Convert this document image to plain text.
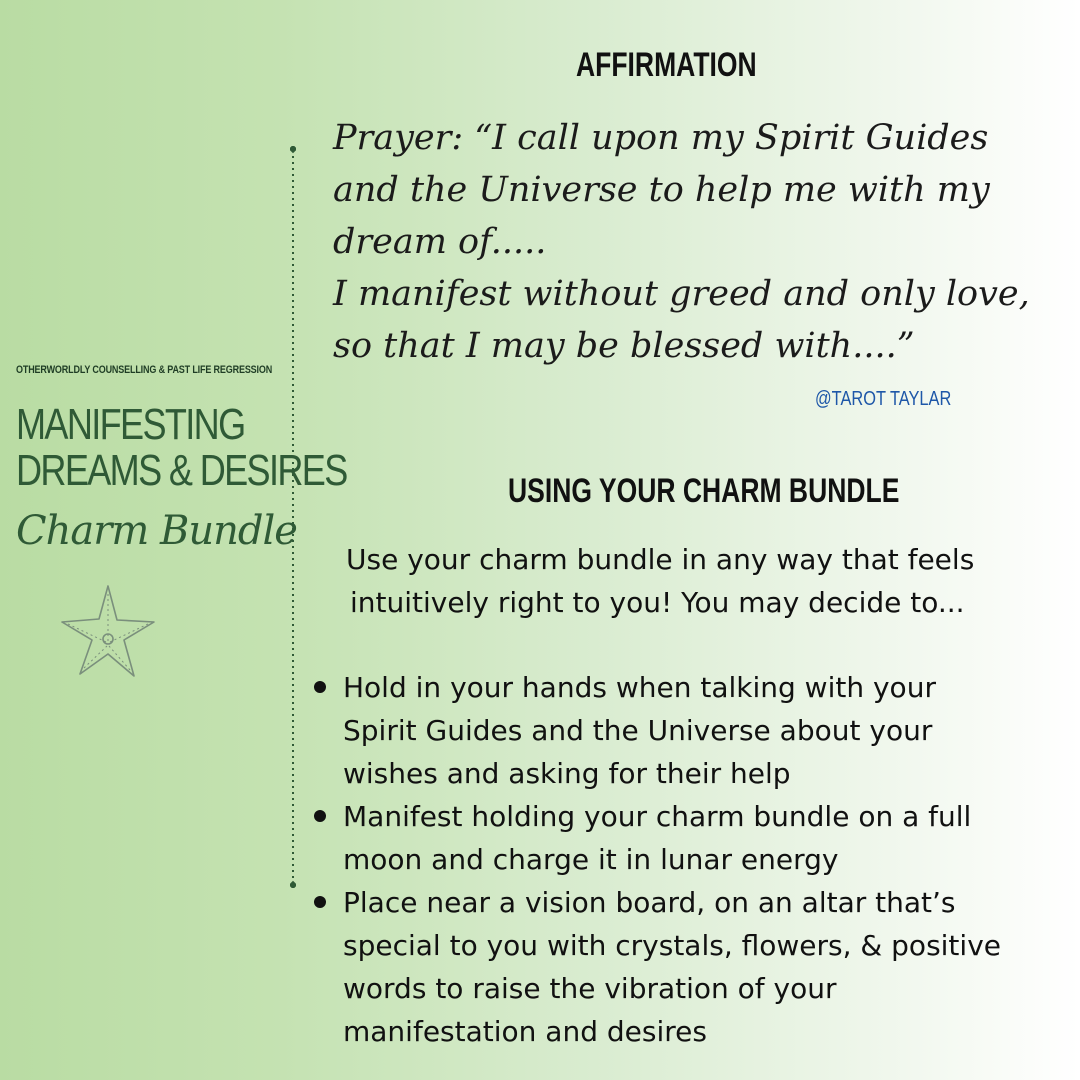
OTHERWORLDLY COUNSELLING & PAST LIFE REGRESSION
MANIFESTING
DREAMS & DESIRES
Charm Bundle
AFFIRMATION
Prayer: “I call upon my Spirit Guides
and the Universe to help me with my
dream of.....
I manifest without greed and only love,
so that I may be blessed with....”
@TAROT TAYLAR
USING YOUR CHARM BUNDLE
Use your charm bundle in any way that feels
intuitively right to you! You may decide to...
Hold in your hands when talking with your
Spirit Guides and the Universe about your
wishes and asking for their help
Manifest holding your charm bundle on a full
moon and charge it in lunar energy
Place near a vision board, on an altar that’s
special to you with crystals, flowers, & positive
words to raise the vibration of your
manifestation and desires
